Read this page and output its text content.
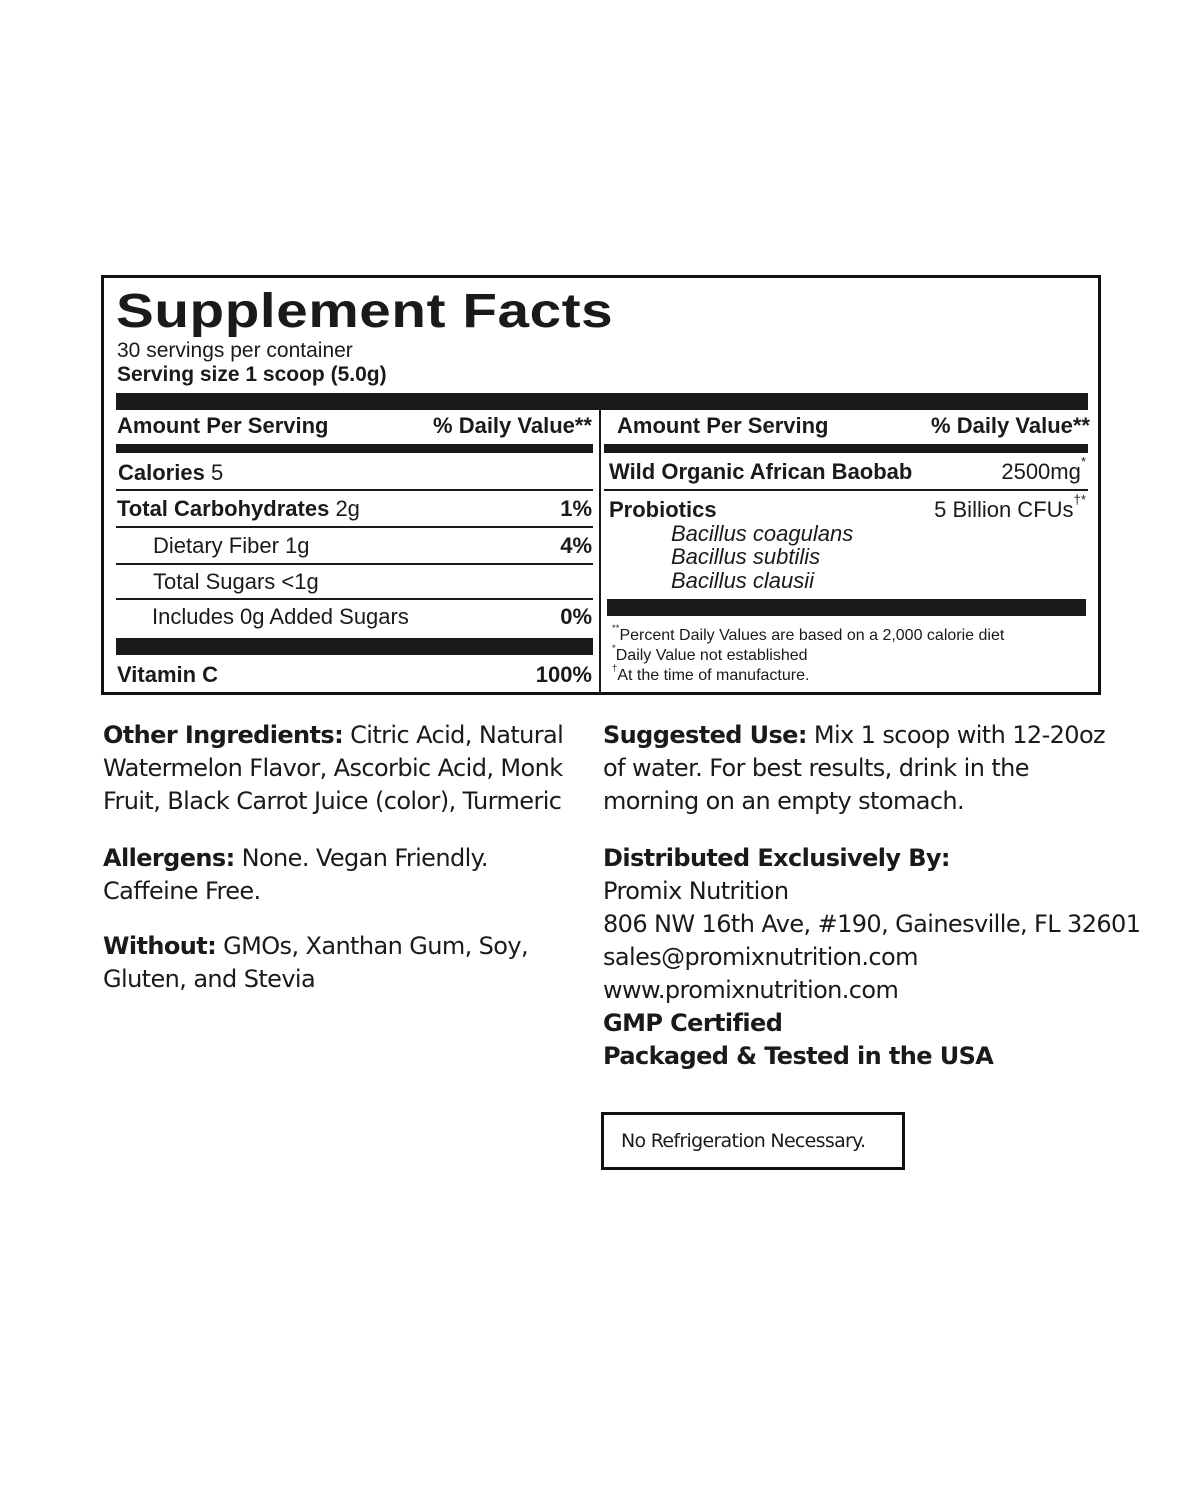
Supplement Facts
30 servings per container
Serving size 1 scoop (5.0g)
Amount Per Serving	% Daily Value**
Calories 5
Total Carbohydrates 2g	1%
Dietary Fiber 1g	4%
Total Sugars <1g
Includes 0g Added Sugars	0%
Vitamin C	100%
Amount Per Serving	% Daily Value**
Wild Organic African Baobab	2500mg*
Probiotics	5 Billion CFUs†*
Bacillus coagulans
Bacillus subtilis
Bacillus clausii
**Percent Daily Values are based on a 2,000 calorie diet
*Daily Value not established
†At the time of manufacture.
Other Ingredients: Citric Acid, Natural
Watermelon Flavor, Ascorbic Acid, Monk
Fruit, Black Carrot Juice (color), Turmeric
Allergens: None. Vegan Friendly.
Caffeine Free.
Without: GMOs, Xanthan Gum, Soy,
Gluten, and Stevia
Suggested Use: Mix 1 scoop with 12-20oz
of water. For best results, drink in the
morning on an empty stomach.
Distributed Exclusively By:
Promix Nutrition
806 NW 16th Ave, #190, Gainesville, FL 32601
sales@promixnutrition.com
www.promixnutrition.com
GMP Certified
Packaged & Tested in the USA
No Refrigeration Necessary.
